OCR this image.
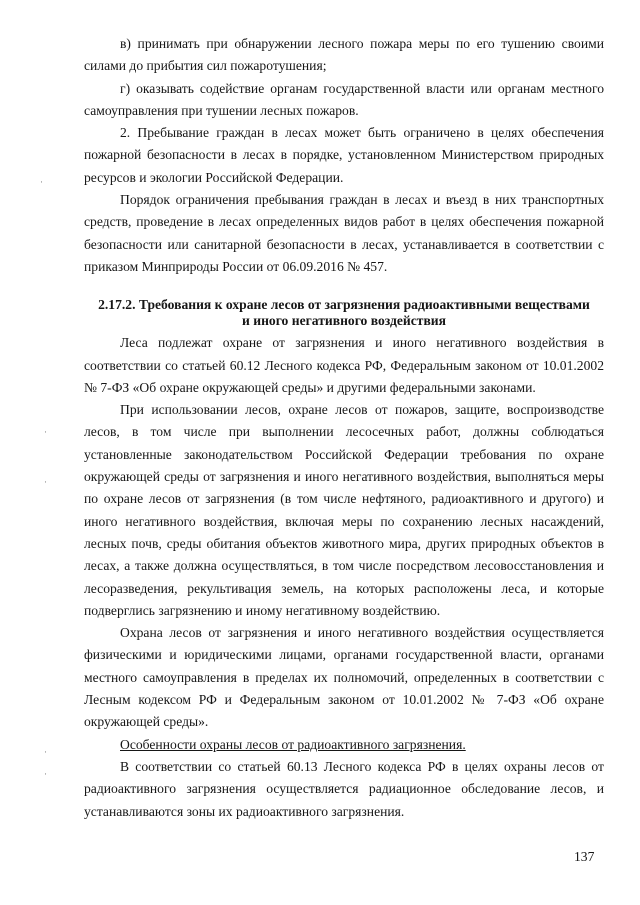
в) принимать при обнаружении лесного пожара меры по его тушению своими силами до прибытия сил пожаротушения;

г) оказывать содействие органам государственной власти или органам местного самоуправления при тушении лесных пожаров.

2. Пребывание граждан в лесах может быть ограничено в целях обеспечения пожарной безопасности в лесах в порядке, установленном Министерством природных ресурсов и экологии Российской Федерации.

Порядок ограничения пребывания граждан в лесах и въезд в них транспортных средств, проведение в лесах определенных видов работ в целях обеспечения пожарной безопасности или санитарной безопасности в лесах, устанавливается в соответствии с приказом Минприроды России от 06.09.2016 № 457.

2.17.2. Требования к охране лесов от загрязнения радиоактивными веществами
и иного негативного воздействия

Леса подлежат охране от загрязнения и иного негативного воздействия в соответствии со статьей 60.12 Лесного кодекса РФ, Федеральным законом от 10.01.2002 № 7-ФЗ «Об охране окружающей среды» и другими федеральными законами.

При использовании лесов, охране лесов от пожаров, защите, воспроизводстве лесов, в том числе при выполнении лесосечных работ, должны соблюдаться установленные законодательством Российской Федерации требования по охране окружающей среды от загрязнения и иного негативного воздействия, выполняться меры по охране лесов от загрязнения (в том числе нефтяного, радиоактивного и другого) и иного негативного воздействия, включая меры по сохранению лесных насаждений, лесных почв, среды обитания объектов животного мира, других природных объектов в лесах, а также должна осуществляться, в том числе посредством лесовосстановления и лесоразведения, рекультивация земель, на которых расположены леса, и которые подверглись загрязнению и иному негативному воздействию.

Охрана лесов от загрязнения и иного негативного воздействия осуществляется физическими и юридическими лицами, органами государственной власти, органами местного самоуправления в пределах их полномочий, определенных в соответствии с Лесным кодексом РФ и Федеральным законом от 10.01.2002 № 7-ФЗ «Об охране окружающей среды».

Особенности охраны лесов от радиоактивного загрязнения.

В соответствии со статьей 60.13 Лесного кодекса РФ в целях охраны лесов от радиоактивного загрязнения осуществляется радиационное обследование лесов, и устанавливаются зоны их радиоактивного загрязнения.

·
·
·
·
·
137
